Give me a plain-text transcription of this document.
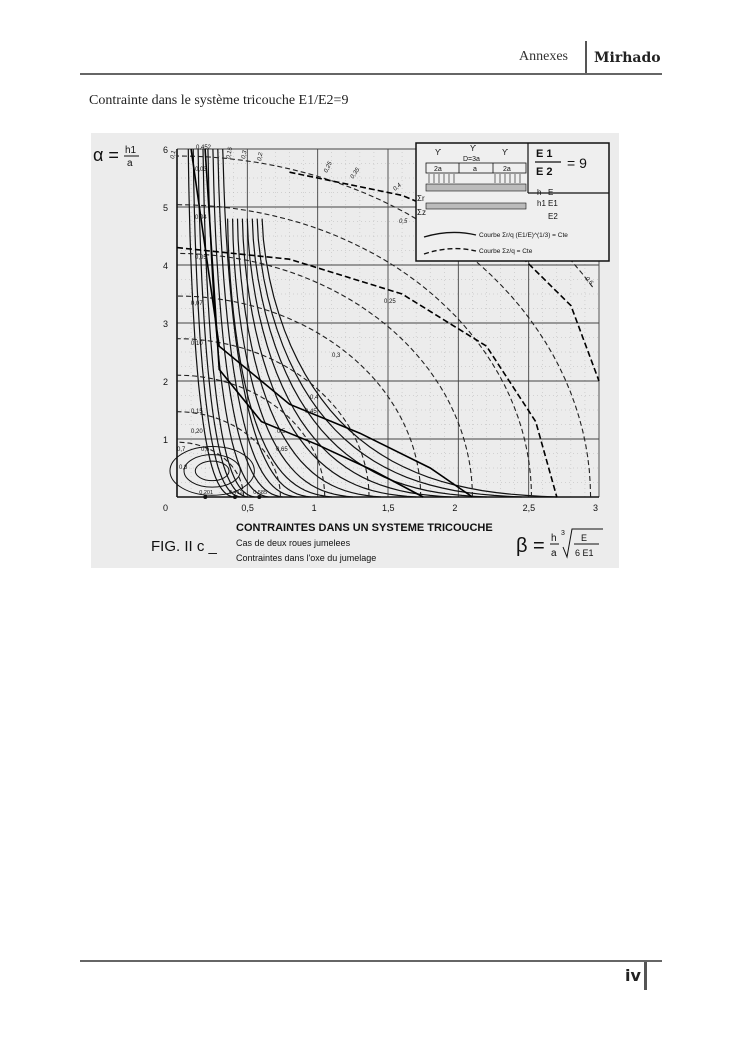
Annexes Mirhado
Contrainte dans le système tricouche E1/E2=9
0	0,5	1	1,5	2	2,5	3
1
2
3
4
5
6
0,201	0,412 0,585
0,452
0,03
0,04
0,05
0,07
0,10
0,15
0,20
0,25
0,3
0,4
0,45
0,5
0,6	0,65
0,7
0,8
0,1	0,15	0,2
0,25
0,3
0,35
0,4
0,5
0,6
α = h1
a
ϒ	ϒ	ϒ
D=3a
2a	a	2a
Σr
Σz
h E
h1 E1
E2
E 1
E 2
= 9
Courbe Σr/q (E1/E)^(1/3) = Cte
Courbe Σz/q = Cte
FIG. II c _
CONTRAINTES DANS UN SYSTEME TRICOUCHE
Cas de deux roues jumelees
Contraintes dans l'oxe du jumelage
β = h
a
3 E
6 E1
iv
